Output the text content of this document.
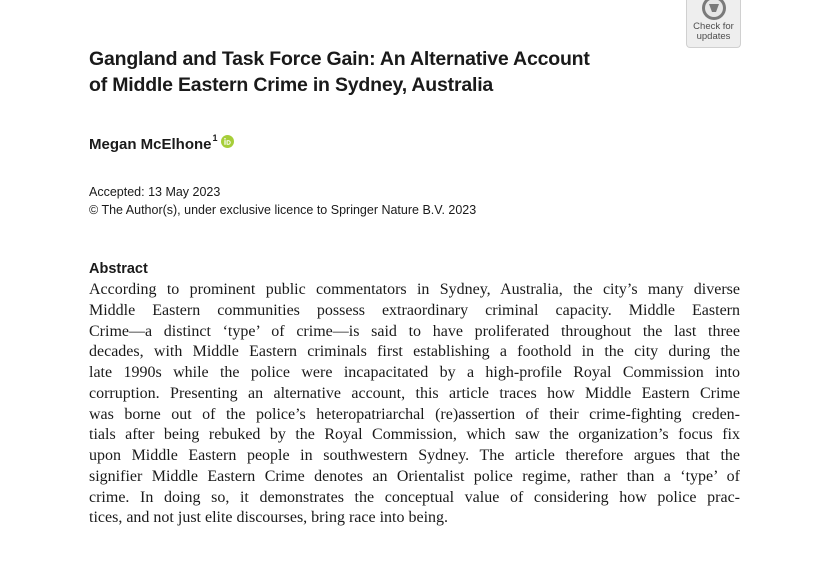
Check for
updates
Gangland and Task Force Gain: An Alternative Account
of Middle Eastern Crime in Sydney, Australia
Megan McElhone$^1$
Accepted: 13 May 2023
© The Author(s), under exclusive licence to Springer Nature B.V. 2023
Abstract
According to prominent public commentators in Sydney, Australia, the city’s many diverse
Middle Eastern communities possess extraordinary criminal capacity. Middle Eastern
Crime—a distinct ‘type’ of crime—is said to have proliferated throughout the last three
decades, with Middle Eastern criminals first establishing a foothold in the city during the
late 1990s while the police were incapacitated by a high-profile Royal Commission into
corruption. Presenting an alternative account, this article traces how Middle Eastern Crime
was borne out of the police’s heteropatriarchal (re)assertion of their crime-fighting creden-
tials after being rebuked by the Royal Commission, which saw the organization’s focus fix
upon Middle Eastern people in southwestern Sydney. The article therefore argues that the
signifier Middle Eastern Crime denotes an Orientalist police regime, rather than a ‘type’ of
crime. In doing so, it demonstrates the conceptual value of considering how police prac-
tices, and not just elite discourses, bring race into being.
